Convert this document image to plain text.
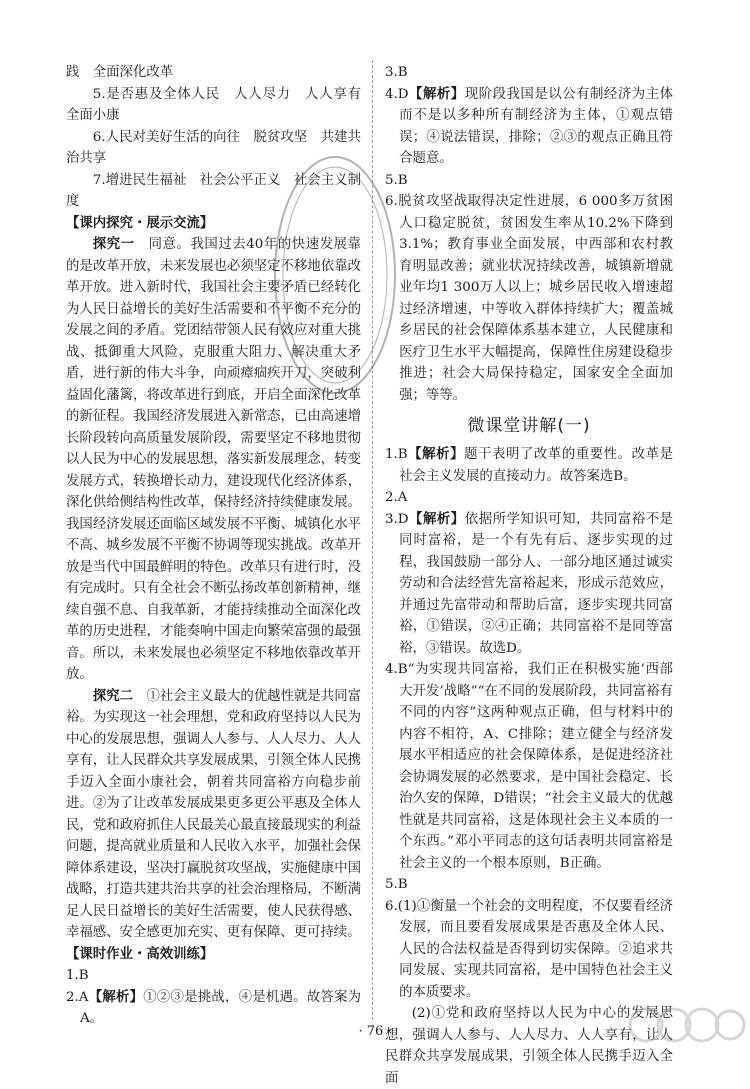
践　全面深化改革

5.是否惠及全体人民　人人尽力　人人享有　全面小康

6.人民对美好生活的向往　脱贫攻坚　共建共治共享

7.增进民生福祉　社会公平正义　社会主义制度

【课内探究・展示交流】

探究一　 同意。我国过去40年的快速发展靠的是改革开放，未来发展也必须坚定不移地依靠改革开放。进入新时代，我国社会主要矛盾已经转化为人民日益增长的美好生活需要和不平衡不充分的发展之间的矛盾。党团结带领人民有效应对重大挑战、抵御重大风险、克服重大阻力、解决重大矛盾，进行新的伟大斗争，向顽瘴痼疾开刀，突破利益固化藩篱，将改革进行到底，开启全面深化改革的新征程。我国经济发展进入新常态，已由高速增长阶段转向高质量发展阶段，需要坚定不移地贯彻以人民为中心的发展思想，落实新发展理念，转变发展方式，转换增长动力，建设现代化经济体系，深化供给侧结构性改革，保持经济持续健康发展。我国经济发展还面临区域发展不平衡、城镇化水平不高、城乡发展不平衡不协调等现实挑战。改革开放是当代中国最鲜明的特色。改革只有进行时，没有完成时。只有全社会不断弘扬改革创新精神，继续自强不息、自我革新，才能持续推动全面深化改革的历史进程，才能奏响中国走向繁荣富强的最强音。所以，未来发展也必须坚定不移地依靠改革开放。

探究二　 ①社会主义最大的优越性就是共同富裕。为实现这一社会理想，党和政府坚持以人民为中心的发展思想，强调人人参与、人人尽力、人人享有，让人民群众共享发展成果，引领全体人民携手迈入全面小康社会，朝着共同富裕方向稳步前进。②为了让改革发展成果更多更公平惠及全体人民，党和政府抓住人民最关心最直接最现实的利益问题，提高就业质量和人民收入水平，加强社会保障体系建设，坚决打赢脱贫攻坚战，实施健康中国战略，打造共建共治共享的社会治理格局，不断满足人民日益增长的美好生活需要，使人民获得感、幸福感、安全感更加充实、更有保障、更可持续。

【课时作业・高效训练】

1.B

2.A【解析】①②③是挑战，④是机遇。故答案为A。

3.B

4.D【解析】现阶段我国是以公有制经济为主体而不是以多种所有制经济为主体，①观点错误；④说法错误，排除；②③的观点正确且符合题意。

5.B

6.脱贫攻坚战取得决定性进展，6 000多万贫困人口稳定脱贫，贫困发生率从10.2%下降到3.1%；教育事业全面发展，中西部和农村教育明显改善；就业状况持续改善，城镇新增就业年均1 300万人以上；城乡居民收入增速超过经济增速，中等收入群体持续扩大；覆盖城乡居民的社会保障体系基本建立，人民健康和医疗卫生水平大幅提高，保障性住房建设稳步推进；社会大局保持稳定，国家安全全面加强；等等。

微课堂讲解(一)

1.B【解析】题干表明了改革的重要性。改革是社会主义发展的直接动力。故答案选B。

2.A

3.D【解析】依据所学知识可知，共同富裕不是同时富裕，是一个有先有后、逐步实现的过程，我国鼓励一部分人、一部分地区通过诚实劳动和合法经营先富裕起来，形成示范效应，并通过先富带动和帮助后富，逐步实现共同富裕，①错误，②④正确；共同富裕不是同等富裕，③错误。故选D。

4.B“为实现共同富裕，我们正在积极实施‘西部大开发’战略”“在不同的发展阶段，共同富裕有不同的内容”这两种观点正确，但与材料中的内容不相符，A、C排除；建立健全与经济发展水平相适应的社会保障体系，是促进经济社会协调发展的必然要求，是中国社会稳定、长治久安的保障，D错误；“社会主义最大的优越性就是共同富裕，这是体现社会主义本质的一个东西。”邓小平同志的这句话表明共同富裕是社会主义的一个根本原则，B正确。

5.B

6.(1)①衡量一个社会的文明程度，不仅要看经济发展，而且要看发展成果是否惠及全体人民、人民的合法权益是否得到切实保障。②追求共同发展、实现共同富裕，是中国特色社会主义的本质要求。

(2)①党和政府坚持以人民为中心的发展思想，强调人人参与、人人尽力、人人享有，让人民群众共享发展成果，引领全体人民携手迈入全面

· 76 ·
